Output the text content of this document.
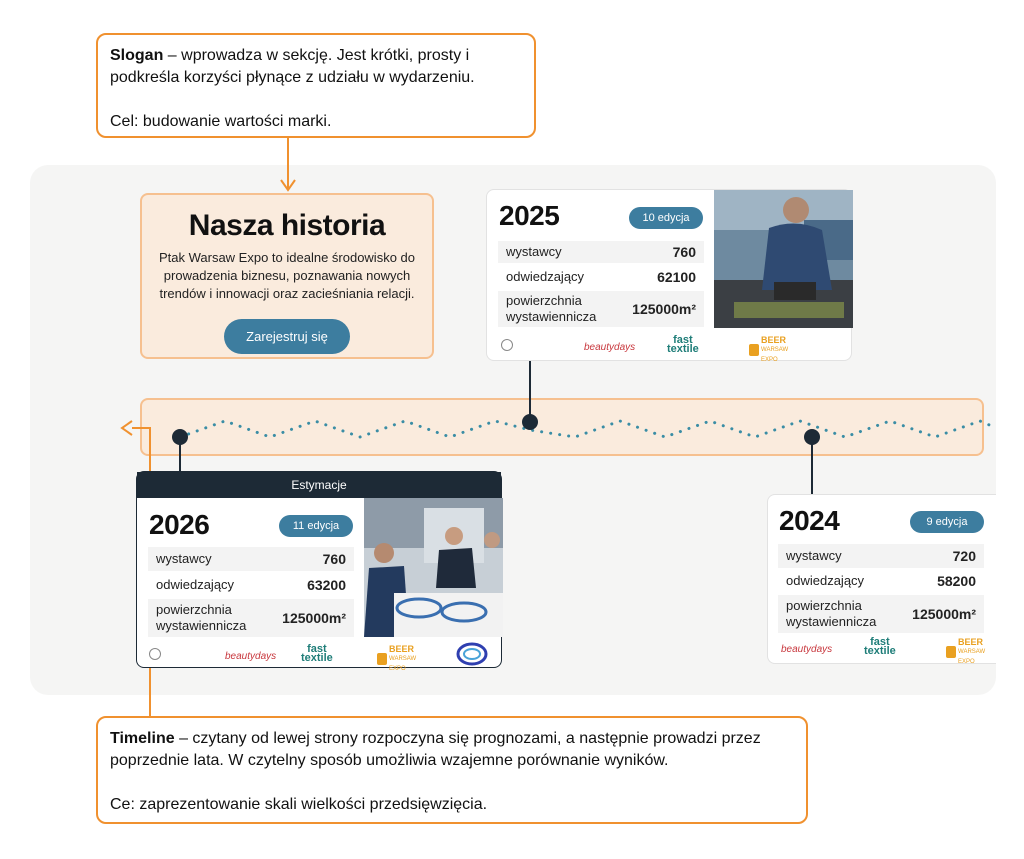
Slogan – wprowadza w sekcję. Jest krótki, prosty i podkreśla korzyści płynące z udziału w wydarzeniu.

Cel: budowanie wartości marki.

Nasza historia
Ptak Warsaw Expo to idealne środowisko do prowadzenia biznesu, poznawania nowych trendów i innowacji oraz zacieśniania relacji.
Zarejestruj się
2025	10 edycja
wystawcy	760
odwiedzający	62100
powierzchnia
wystawiennicza	125000m²
beautydays
fast
textile
BEER
WARSAW
EXPO
Estymacje
2026	11 edycja
wystawcy	760
odwiedzający	63200
powierzchnia
wystawiennicza	125000m²
beautydays
fast
textile
BEER
WARSAW
EXPO
2024	9 edycja
wystawcy	720
odwiedzający	58200
powierzchnia
wystawiennicza	125000m²
beautydays
fast
textile
BEER
WARSAW
EXPO

Timeline – czytany od lewej strony rozpoczyna się prognozami, a następnie prowadzi przez poprzednie lata. W czytelny sposób umożliwia wzajemne porównanie wyników.

Ce: zaprezentowanie skali wielkości przedsięwzięcia.
